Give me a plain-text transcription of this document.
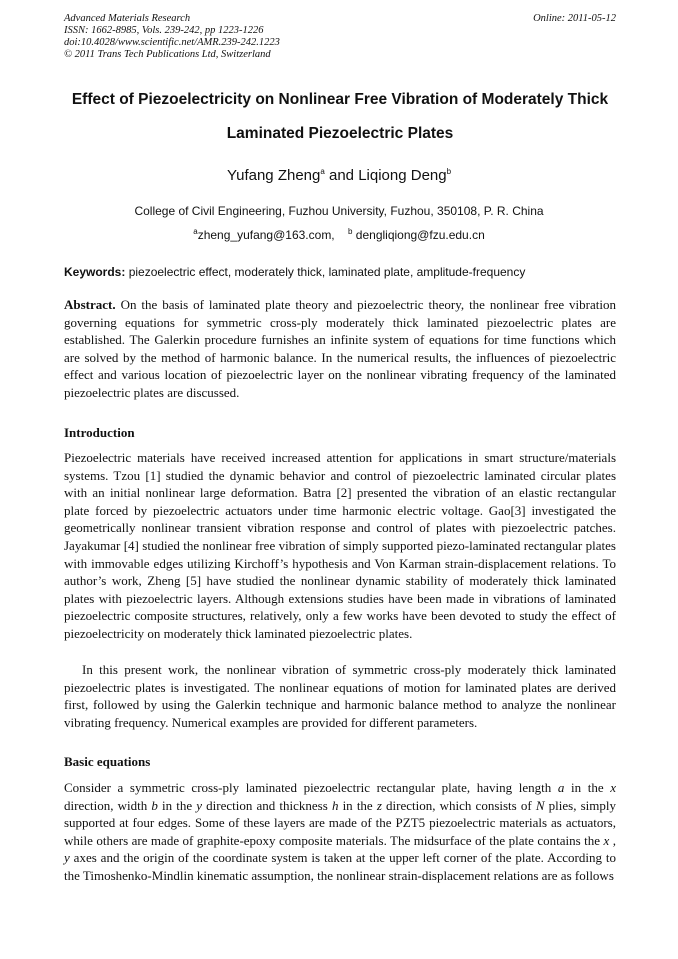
Advanced Materials Research
ISSN: 1662-8985, Vols. 239-242, pp 1223-1226
doi:10.4028/www.scientific.net/AMR.239-242.1223
© 2011 Trans Tech Publications Ltd, Switzerland
Online: 2011-05-12
Effect of Piezoelectricity on Nonlinear Free Vibration of Moderately Thick
Laminated Piezoelectric Plates
Yufang Zheng$^a$ and Liqiong Deng$^b$
College of Civil Engineering, Fuzhou University, Fuzhou, 350108, P. R. China
$^a$zheng_yufang@163.com, $^b$ dengliqiong@fzu.edu.cn
Keywords: piezoelectric effect, moderately thick, laminated plate, amplitude-frequency
Abstract. On the basis of laminated plate theory and piezoelectric theory, the nonlinear free vibration governing equations for symmetric cross-ply moderately thick laminated piezoelectric plates are established. The Galerkin procedure furnishes an infinite system of equations for time functions which are solved by the method of harmonic balance. In the numerical results, the influences of piezoelectric effect and various location of piezoelectric layer on the nonlinear vibrating frequency of the laminated piezoelectric plates are discussed.
Introduction
Piezoelectric materials have received increased attention for applications in smart structure/materials systems. Tzou [1] studied the dynamic behavior and control of piezoelectric laminated circular plates with an initial nonlinear large deformation. Batra [2] presented the vibration of an elastic rectangular plate forced by piezoelectric actuators under time harmonic electric voltage. Gao[3] investigated the geometrically nonlinear transient vibration response and control of plates with piezoelectric patches. Jayakumar [4] studied the nonlinear free vibration of simply supported piezo-laminated rectangular plates with immovable edges utilizing Kirchoff’s hypothesis and Von Karman strain-displacement relations. To author’s work, Zheng [5] have studied the nonlinear dynamic stability of moderately thick laminated plates with piezoelectric layers. Although extensions studies have been made in vibrations of laminated piezoelectric composite structures, relatively, only a few works have been devoted to study the effect of piezoelectricity on moderately thick laminated piezoelectric plates.
In this present work, the nonlinear vibration of symmetric cross-ply moderately thick laminated piezoelectric plates is investigated. The nonlinear equations of motion for laminated plates are derived first, followed by using the Galerkin technique and harmonic balance method to analyze the nonlinear vibrating frequency. Numerical examples are provided for different parameters.
Basic equations
Consider a symmetric cross-ply laminated piezoelectric rectangular plate, having length a in the x direction, width b in the y direction and thickness h in the z direction, which consists of N plies, simply supported at four edges. Some of these layers are made of the PZT5 piezoelectric materials as actuators, while others are made of graphite-epoxy composite materials. The midsurface of the plate contains the x , y axes and the origin of the coordinate system is taken at the upper left corner of the plate. According to the Timoshenko-Mindlin kinematic assumption, the nonlinear strain-displacement relations are as follows
